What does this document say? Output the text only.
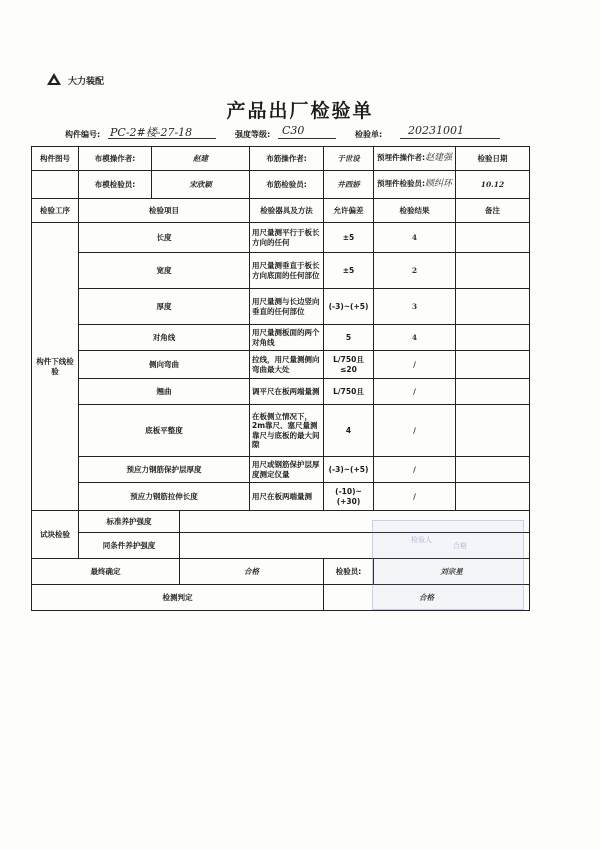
大力装配
产品出厂检验单
构件编号: PC-2#楼-27-18	强度等级: C30	检验单: 20231001
构件图号	布模操作者:	赵建		布筋操作者:	于世设	预埋件操作者:赵建强	检验日期
	布模检验员:	宋欣颖		布筋检验员:	井西娇	预埋件检验员:顾纠环	10.12
检验工序	检验项目			检验器具及方法	允许偏差	检验结果	备注
构件下线检验	长度			用尺量测平行于板长方向的任何	±5	4	
	宽度			用尺量测垂直于板长方向底面的任何部位	±5	2	
	厚度			用尺量测与长边竖向垂直的任何部位	(-3)~(+5)	3	
	对角线			用尺量测板面的两个对角线	5	4	
	侧向弯曲			拉线，用尺量测侧向弯曲最大处	L/750且≤20	/	
	翘曲			调平尺在板两端量测	L/750且	/	
	底板平整度			在板侧立情况下，2m靠尺、塞尺量测靠尺与底板的最大间隙	4	/	
	预应力钢筋保护层厚度			用尺或钢筋保护层厚度测定仪量	(-3)~(+5)	/	
	预应力钢筋拉伸长度			用尺在板两端量测	(-10)~(+30)	/	
试块检验	标准养护强度						
	同条件养护强度						
最终确定			合格		检验员:	刘宗星	
检测判定					合格		
检验人
合格
